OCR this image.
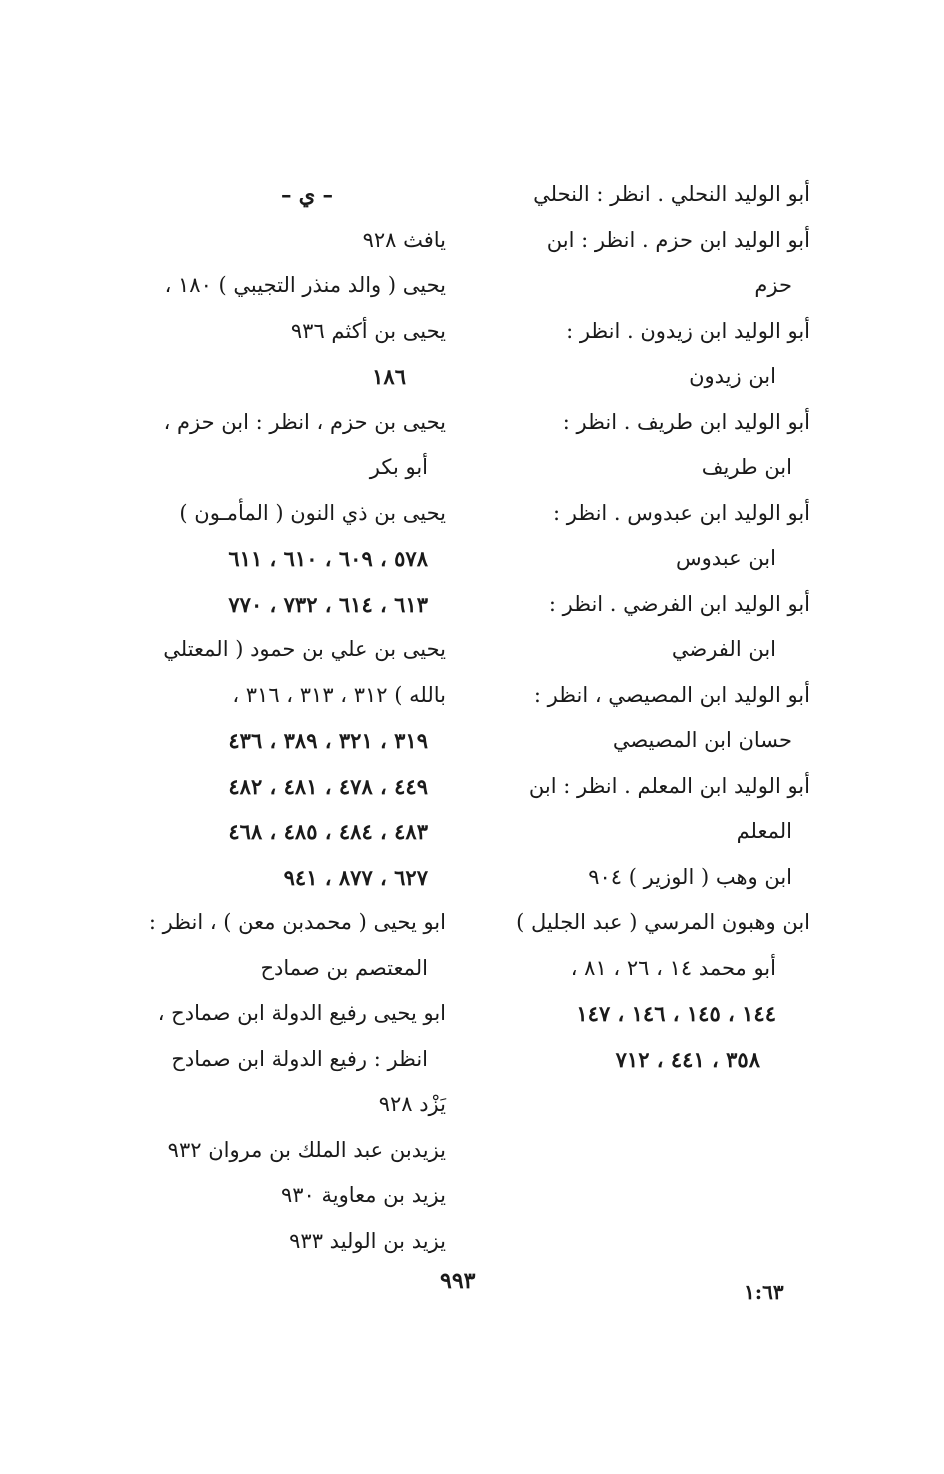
أبو الوليد النحلي . انظر : النحلي
أبو الوليد ابن حزم . انظر : ابن
حزم
أبو الوليد ابن زيدون . انظر :
ابن زيدون
أبو الوليد ابن طريف . انظر :
ابن طريف
أبو الوليد ابن عبدوس . انظر :
ابن عبدوس
أبو الوليد ابن الفرضي . انظر :
ابن الفرضي
أبو الوليد ابن المصيصي ، انظر :
حسان ابن المصيصي
أبو الوليد ابن المعلم . انظر : ابن
المعلم
ابن وهب ( الوزير ) ٩٠٤
ابن وهبون المرسي ( عبد الجليل )
أبو محمد ١٤ ، ٢٦ ، ٨١ ،
١٤٤ ، ١٤٥ ، ١٤٦ ، ١٤٧
٣٥٨ ، ٤٤١ ، ٧١٢
– ي –
يافث ٩٢٨
يحيى ( والد منذر التجيبي ) ١٨٠ ،
يحيى بن أكثم ٩٣٦
١٨٦
يحيى بن حزم ، انظر : ابن حزم ،
أبو بكر
يحيى بن ذي النون ( المأمـون )
٥٧٨ ، ٦٠٩ ، ٦١٠ ، ٦١١
٦١٣ ، ٦١٤ ، ٧٣٢ ، ٧٧٠
يحيى بن علي بن حمود ( المعتلي
بالله ) ٣١٢ ، ٣١٣ ، ٣١٦ ،
٣١٩ ، ٣٢١ ، ٣٨٩ ، ٤٣٦
٤٤٩ ، ٤٧٨ ، ٤٨١ ، ٤٨٢
٤٨٣ ، ٤٨٤ ، ٤٨٥ ، ٤٦٨
٦٢٧ ، ٨٧٧ ، ٩٤١
ابو يحيى ( محمدبن معن ) ، انظر :
المعتصم بن صمادح
ابو يحيى رفيع الدولة ابن صمادح ،
انظر : رفيع الدولة ابن صمادح
يَزْد ٩٢٨
يزيدبن عبد الملك بن مروان ٩٣٢
يزيد بن معاوية ٩٣٠
يزيد بن الوليد ٩٣٣
٩٩٣	١:٦٣
